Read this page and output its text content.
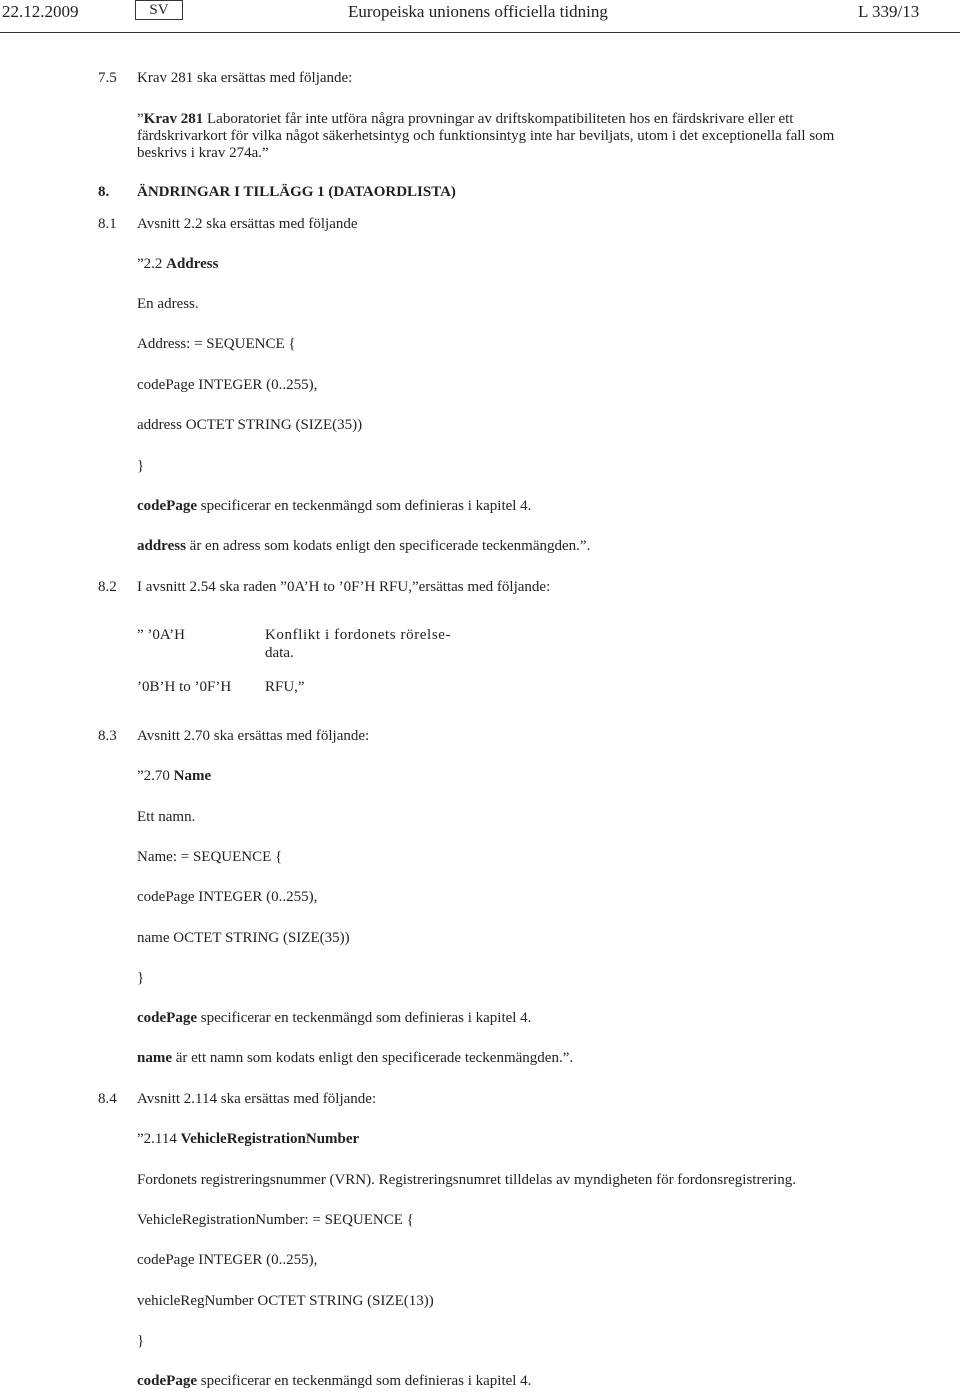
22.12.2009	SV	Europeiska unionens officiella tidning	L 339/13
7.5 Krav 281 ska ersättas med följande:
”Krav 281 Laboratoriet får inte utföra några provningar av driftskompatibiliteten hos en färdskrivare eller ett
färdskrivarkort för vilka något säkerhetsintyg och funktionsintyg inte har beviljats, utom i det exceptionella fall som
beskrivs i krav 274a.”
8. ÄNDRINGAR I TILLÄGG 1 (DATAORDLISTA)
8.1 Avsnitt 2.2 ska ersättas med följande
”2.2 Address
En adress.
Address: = SEQUENCE {
codePage INTEGER (0..255),
address OCTET STRING (SIZE(35))
}
codePage specificerar en teckenmängd som definieras i kapitel 4.
address är en adress som kodats enligt den specificerade teckenmängden.”.
8.2 I avsnitt 2.54 ska raden ”0A’H to ’0F’H RFU,”ersättas med följande:
” ’0A’H	Konflikt i fordonets rörelse-
data.
’0B’H to ’0F’H RFU,”
8.3 Avsnitt 2.70 ska ersättas med följande:
”2.70 Name
Ett namn.
Name: = SEQUENCE {
codePage INTEGER (0..255),
name OCTET STRING (SIZE(35))
}
codePage specificerar en teckenmängd som definieras i kapitel 4.
name är ett namn som kodats enligt den specificerade teckenmängden.”.
8.4 Avsnitt 2.114 ska ersättas med följande:
”2.114 VehicleRegistrationNumber
Fordonets registreringsnummer (VRN). Registreringsnumret tilldelas av myndigheten för fordonsregistrering.
VehicleRegistrationNumber: = SEQUENCE {
codePage INTEGER (0..255),
vehicleRegNumber OCTET STRING (SIZE(13))
}
codePage specificerar en teckenmängd som definieras i kapitel 4.
